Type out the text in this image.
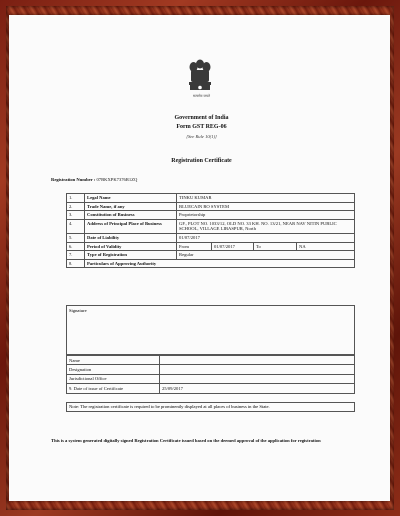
सत्यमेव जयते
Government of India
Form GST REG-06
[See Rule 10(1)]
Registration Certificate
Registration Number : 07BKXPK7376R1ZQ
1.	Legal Name	TINKU KUMAR			
2.	Trade Name, if any	BLUECAIN RO SYSTEM			
3.	Constitution of Business	Proprietorship			
4.	Address of Principal Place of Business	GF., PLOT NO. 1033/12, OLD NO. 33 KH. NO. 13/21, NEAR NAV NITIN PUBLIC SCHOOL, VILLAGE LIBASPUR, North			
5.	Date of Liability	01/07/2017			
6.	Period of Validity	From	01/07/2017	To	NA
7.	Type of Registration	Regular			
8.	Particulars of Approving Authority				
Signature
Name	
Designation	
Jurisdictional Office	
9. Date of issue of Certificate	25/09/2017
Note: The registration certificate is required to be prominently displayed at all places of business in the State.
This is a system generated digitally signed Registration Certificate issued based on the deemed approval of the application for registration
